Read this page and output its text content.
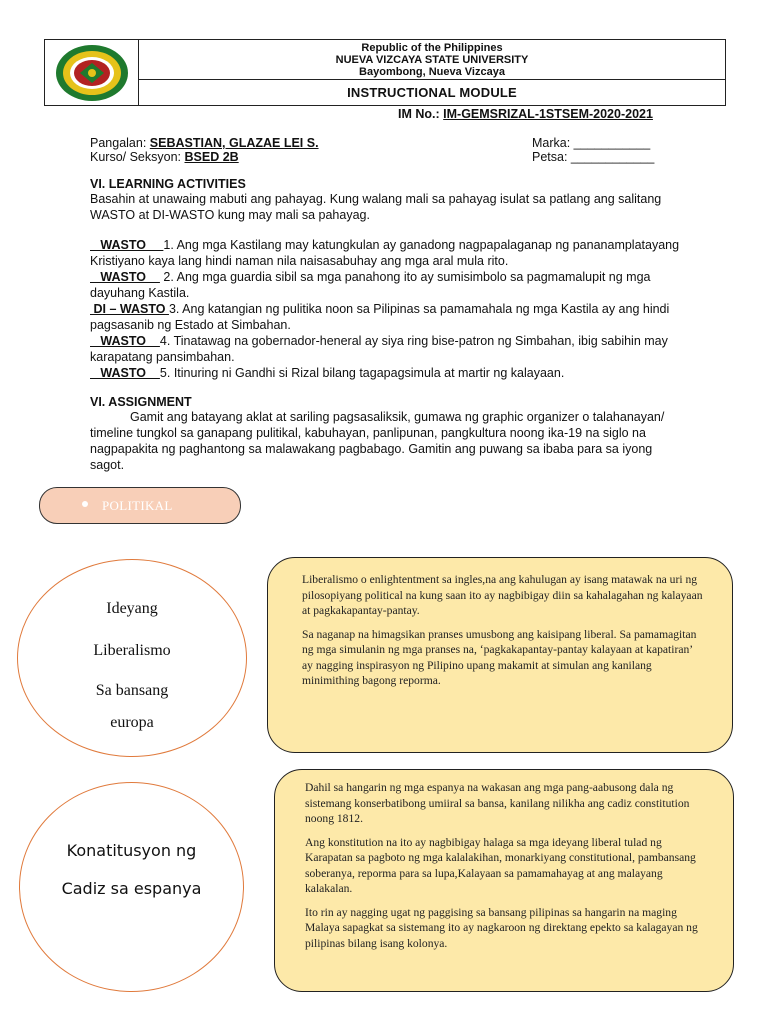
Republic of the Philippines
NUEVA VIZCAYA STATE UNIVERSITY
Bayombong, Nueva Vizcaya
INSTRUCTIONAL MODULE
IM No.: IM-GEMSRIZAL-1STSEM-2020-2021
Pangalan: SEBASTIAN, GLAZAE LEI S.
Kurso/ Seksyon: BSED 2B
Marka: ___________
Petsa: ____________
VI. LEARNING ACTIVITIES
Basahin at unawaing mabuti ang pahayag. Kung walang mali sa pahayag isulat sa patlang ang salitang WASTO at DI-WASTO kung may mali sa pahayag.
WASTO     1. Ang mga Kastilang may katungkulan ay ganadong nagpapalaganap ng pananamplatayang Kristiyano kaya lang hindi naman nila naisasabuhay ang mga aral mula rito.
WASTO     2. Ang mga guardia sibil sa mga panahong ito ay sumisimbolo sa pagmamalupit ng mga dayuhang Kastila.
DI – WASTO 3. Ang katangian ng pulitika noon sa Pilipinas sa pamamahala ng mga Kastila ay ang hindi pagsasanib ng Estado at Simbahan.
WASTO    4. Tinatawag na gobernador-heneral ay siya ring bise-patron ng Simbahan, ibig sabihin may karapatang pansimbahan.
WASTO    5. Itinuring ni Gandhi si Rizal bilang tagapagsimula at martir ng kalayaan.
VI. ASSIGNMENT
Gamit ang batayang aklat at sariling pagsasaliksik, gumawa ng graphic organizer o talahanayan/ timeline tungkol sa ganapang pulitikal, kabuhayan, panlipunan, pangkultura noong ika-19 na siglo na nagpapakita ng paghantong sa malawakang pagbabago. Gamitin ang puwang sa ibaba para sa iyong sagot.
POLITIKAL
Ideyang
Liberalismo
Sa bansang
europa

Liberalismo o enlightentment sa ingles,na ang kahulugan ay isang matawak na uri ng pilosopiyang political na kung saan ito ay nagbibigay diin sa kahalagahan ng kalayaan at pagkakapantay-pantay.

Sa naganap na himagsikan pranses umusbong ang kaisipang liberal. Sa pamamagitan ng mga simulanin ng mga pranses na, ‘pagkakapantay-pantay kalayaan at kapatiran’ ay nagging inspirasyon ng Pilipino upang makamit at simulan ang kanilang minimithing bagong reporma.

Konatitusyon ng
Cadiz sa espanya

Dahil sa hangarin ng mga espanya na wakasan ang mga pang-aabusong dala ng sistemang konserbatibong umiiral sa bansa, kanilang nilikha ang cadiz constitution noong 1812.

Ang konstitution na ito ay nagbibigay halaga sa mga ideyang liberal tulad ng Karapatan sa pagboto ng mga kalalakihan, monarkiyang constitutional, pambansang soberanya, reporma para sa lupa,Kalayaan sa pamamahayag at ang malayang kalakalan.

Ito rin ay nagging ugat ng paggising sa bansang pilipinas sa hangarin na maging Malaya sapagkat sa sistemang ito ay nagkaroon ng direktang epekto sa kalagayan ng pilipinas bilang isang kolonya.
